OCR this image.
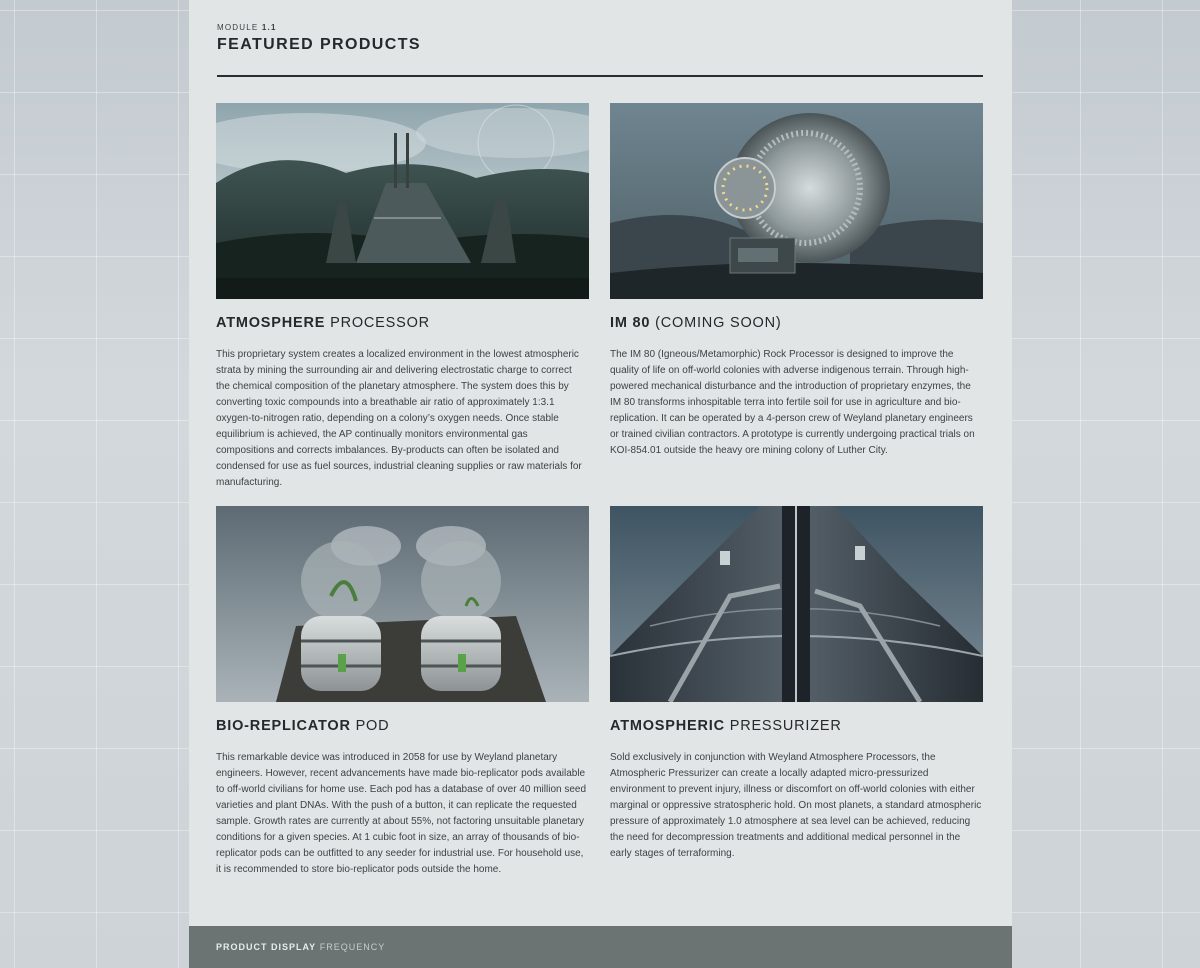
MODULE 1.1
FEATURED PRODUCTS
ATMOSPHERE PROCESSOR
This proprietary system creates a localized environment in the lowest atmospheric strata by mining the surrounding air and delivering electrostatic charge to correct the chemical composition of the planetary atmosphere. The system does this by converting toxic compounds into a breathable air ratio of approximately 1:3.1 oxygen-to-nitrogen ratio, depending on a colony’s oxygen needs. Once stable equilibrium is achieved, the AP continually monitors environmental gas compositions and corrects imbalances. By-products can often be isolated and condensed for use as fuel sources, industrial cleaning supplies or raw materials for manufacturing.
IM 80 (COMING SOON)
The IM 80 (Igneous/Metamorphic) Rock Processor is designed to improve the quality of life on off-world colonies with adverse indigenous terrain. Through high-powered mechanical disturbance and the introduction of proprietary enzymes, the IM 80 transforms inhospitable terra into fertile soil for use in agriculture and bio-replication. It can be operated by a 4-person crew of Weyland planetary engineers or trained civilian contractors. A prototype is currently undergoing practical trials on KOI-854.01 outside the heavy ore mining colony of Luther City.
BIO-REPLICATOR POD
This remarkable device was introduced in 2058 for use by Weyland planetary engineers. However, recent advancements have made bio-replicator pods available to off-world civilians for home use. Each pod has a database of over 40 million seed varieties and plant DNAs. With the push of a button, it can replicate the requested sample. Growth rates are currently at about 55%, not factoring unsuitable planetary conditions for a given species. At 1 cubic foot in size, an array of thousands of bio-replicator pods can be outfitted to any seeder for industrial use. For household use, it is recommended to store bio-replicator pods outside the home.
ATMOSPHERIC PRESSURIZER
Sold exclusively in conjunction with Weyland Atmosphere Processors, the Atmospheric Pressurizer can create a locally adapted micro-pressurized environment to prevent injury, illness or discomfort on off-world colonies with either marginal or oppressive stratospheric hold. On most planets, a standard atmospheric pressure of approximately 1.0 atmosphere at sea level can be achieved, reducing the need for decompression treatments and additional medical personnel in the early stages of terraforming.
PRODUCT DISPLAY FREQUENCY
